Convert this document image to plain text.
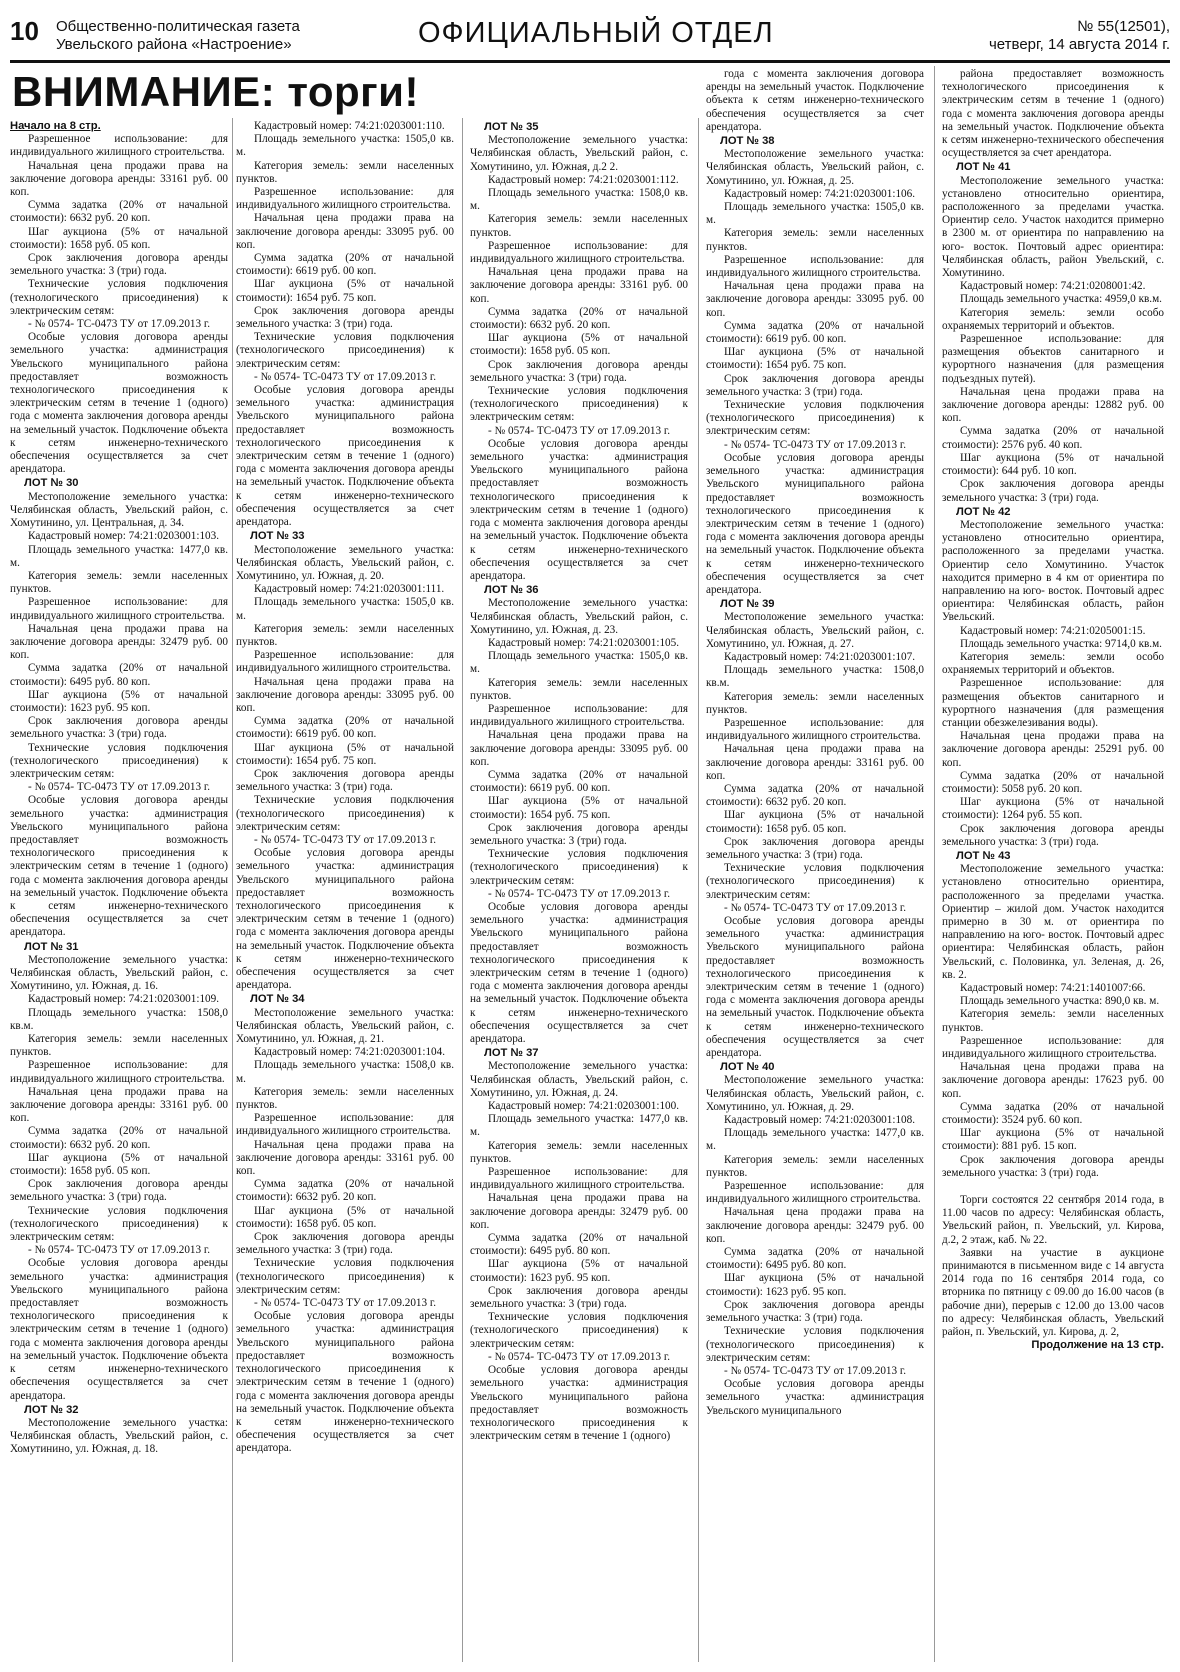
10 Общественно-политическая газета
Увельского района «Настроение»	ОФИЦИАЛЬНЫЙ ОТДЕЛ	№ 55(12501),
четверг, 14 августа 2014 г.
ВНИМАНИЕ: торги!

Начало на 8 стр.

Разрешенное использование: для индивидуального жилищного строительства.

Начальная цена продажи права на заключение договора аренды: 33161 руб. 00 коп.

Сумма задатка (20% от начальной стоимости): 6632 руб. 20 коп.

Шаг аукциона (5% от начальной стоимости): 1658 руб. 05 коп.

Срок заключения договора аренды земельного участка: 3 (три) года.

Технические условия подключения (технологического присоединения) к электрическим сетям:

- № 0574- ТС-0473 ТУ от 17.09.2013 г.

Особые условия договора аренды земельного участка: администрация Увельского муниципального района предоставляет возможность технологического присоединения к электрическим сетям в течение 1 (одного) года с момента заключения договора аренды на земельный участок. Подключение объекта к сетям инженерно-технического обеспечения осуществляется за счет арендатора.

ЛОТ № 30

Местоположение земельного участка: Челябинская область, Увельский район, с. Хомутинино, ул. Центральная, д. 34.

Кадастровый номер: 74:21:0203001:103.

Площадь земельного участка: 1477,0 кв. м.

Категория земель: земли населенных пунктов.

Разрешенное использование: для индивидуального жилищного строительства.

Начальная цена продажи права на заключение договора аренды: 32479 руб. 00 коп.

Сумма задатка (20% от начальной стоимости): 6495 руб. 80 коп.

Шаг аукциона (5% от начальной стоимости): 1623 руб. 95 коп.

Срок заключения договора аренды земельного участка: 3 (три) года.

Технические условия подключения (технологического присоединения) к электрическим сетям:

- № 0574- ТС-0473 ТУ от 17.09.2013 г.

Особые условия договора аренды земельного участка: администрация Увельского муниципального района предоставляет возможность технологического присоединения к электрическим сетям в течение 1 (одного) года с момента заключения договора аренды на земельный участок. Подключение объекта к сетям инженерно-технического обеспечения осуществляется за счет арендатора.

ЛОТ № 31

Местоположение земельного участка: Челябинская область, Увельский район, с. Хомутинино, ул. Южная, д. 16.

Кадастровый номер: 74:21:0203001:109.

Площадь земельного участка: 1508,0 кв.м.

Категория земель: земли населенных пунктов.

Разрешенное использование: для индивидуального жилищного строительства.

Начальная цена продажи права на заключение договора аренды: 33161 руб. 00 коп.

Сумма задатка (20% от начальной стоимости): 6632 руб. 20 коп.

Шаг аукциона (5% от начальной стоимости): 1658 руб. 05 коп.

Срок заключения договора аренды земельного участка: 3 (три) года.

Технические условия подключения (технологического присоединения) к электрическим сетям:

- № 0574- ТС-0473 ТУ от 17.09.2013 г.

Особые условия договора аренды земельного участка: администрация Увельского муниципального района предоставляет возможность технологического присоединения к электрическим сетям в течение 1 (одного) года с момента заключения договора аренды на земельный участок. Подключение объекта к сетям инженерно-технического обеспечения осуществляется за счет арендатора.

ЛОТ № 32

Местоположение земельного участка: Челябинская область, Увельский район, с. Хомутинино, ул. Южная, д. 18.

Кадастровый номер: 74:21:0203001:110.

Площадь земельного участка: 1505,0 кв. м.

Категория земель: земли населенных пунктов.

Разрешенное использование: для индивидуального жилищного строительства.

Начальная цена продажи права на заключение договора аренды: 33095 руб. 00 коп.

Сумма задатка (20% от начальной стоимости): 6619 руб. 00 коп.

Шаг аукциона (5% от начальной стоимости): 1654 руб. 75 коп.

Срок заключения договора аренды земельного участка: 3 (три) года.

Технические условия подключения (технологического присоединения) к электрическим сетям:

- № 0574- ТС-0473 ТУ от 17.09.2013 г.

Особые условия договора аренды земельного участка: администрация Увельского муниципального района предоставляет возможность технологического присоединения к электрическим сетям в течение 1 (одного) года с момента заключения договора аренды на земельный участок. Подключение объекта к сетям инженерно-технического обеспечения осуществляется за счет арендатора.

ЛОТ № 33

Местоположение земельного участка: Челябинская область, Увельский район, с. Хомутинино, ул. Южная, д. 20.

Кадастровый номер: 74:21:0203001:111.

Площадь земельного участка: 1505,0 кв. м.

Категория земель: земли населенных пунктов.

Разрешенное использование: для индивидуального жилищного строительства.

Начальная цена продажи права на заключение договора аренды: 33095 руб. 00 коп.

Сумма задатка (20% от начальной стоимости): 6619 руб. 00 коп.

Шаг аукциона (5% от начальной стоимости): 1654 руб. 75 коп.

Срок заключения договора аренды земельного участка: 3 (три) года.

Технические условия подключения (технологического присоединения) к электрическим сетям:

- № 0574- ТС-0473 ТУ от 17.09.2013 г.

Особые условия договора аренды земельного участка: администрация Увельского муниципального района предоставляет возможность технологического присоединения к электрическим сетям в течение 1 (одного) года с момента заключения договора аренды на земельный участок. Подключение объекта к сетям инженерно-технического обеспечения осуществляется за счет арендатора.

ЛОТ № 34

Местоположение земельного участка: Челябинская область, Увельский район, с. Хомутинино, ул. Южная, д. 21.

Кадастровый номер: 74:21:0203001:104.

Площадь земельного участка: 1508,0 кв. м.

Категория земель: земли населенных пунктов.

Разрешенное использование: для индивидуального жилищного строительства.

Начальная цена продажи права на заключение договора аренды: 33161 руб. 00 коп.

Сумма задатка (20% от начальной стоимости): 6632 руб. 20 коп.

Шаг аукциона (5% от начальной стоимости): 1658 руб. 05 коп.

Срок заключения договора аренды земельного участка: 3 (три) года.

Технические условия подключения (технологического присоединения) к электрическим сетям:

- № 0574- ТС-0473 ТУ от 17.09.2013 г.

Особые условия договора аренды земельного участка: администрация Увельского муниципального района предоставляет возможность технологического присоединения к электрическим сетям в течение 1 (одного) года с момента заключения договора аренды на земельный участок. Подключение объекта к сетям инженерно-технического обеспечения осуществляется за счет арендатора.

ЛОТ № 35

Местоположение земельного участка: Челябинская область, Увельский район, с. Хомутинино, ул. Южная, д.2 2.

Кадастровый номер: 74:21:0203001:112.

Площадь земельного участка: 1508,0 кв. м.

Категория земель: земли населенных пунктов.

Разрешенное использование: для индивидуального жилищного строительства.

Начальная цена продажи права на заключение договора аренды: 33161 руб. 00 коп.

Сумма задатка (20% от начальной стоимости): 6632 руб. 20 коп.

Шаг аукциона (5% от начальной стоимости): 1658 руб. 05 коп.

Срок заключения договора аренды земельного участка: 3 (три) года.

Технические условия подключения (технологического присоединения) к электрическим сетям:

- № 0574- ТС-0473 ТУ от 17.09.2013 г.

Особые условия договора аренды земельного участка: администрация Увельского муниципального района предоставляет возможность технологического присоединения к электрическим сетям в течение 1 (одного) года с момента заключения договора аренды на земельный участок. Подключение объекта к сетям инженерно-технического обеспечения осуществляется за счет арендатора.

ЛОТ № 36

Местоположение земельного участка: Челябинская область, Увельский район, с. Хомутинино, ул. Южная, д. 23.

Кадастровый номер: 74:21:0203001:105.

Площадь земельного участка: 1505,0 кв. м.

Категория земель: земли населенных пунктов.

Разрешенное использование: для индивидуального жилищного строительства.

Начальная цена продажи права на заключение договора аренды: 33095 руб. 00 коп.

Сумма задатка (20% от начальной стоимости): 6619 руб. 00 коп.

Шаг аукциона (5% от начальной стоимости): 1654 руб. 75 коп.

Срок заключения договора аренды земельного участка: 3 (три) года.

Технические условия подключения (технологического присоединения) к электрическим сетям:

- № 0574- ТС-0473 ТУ от 17.09.2013 г.

Особые условия договора аренды земельного участка: администрация Увельского муниципального района предоставляет возможность технологического присоединения к электрическим сетям в течение 1 (одного) года с момента заключения договора аренды на земельный участок. Подключение объекта к сетям инженерно-технического обеспечения осуществляется за счет арендатора.

ЛОТ № 37

Местоположение земельного участка: Челябинская область, Увельский район, с. Хомутинино, ул. Южная, д. 24.

Кадастровый номер: 74:21:0203001:100.

Площадь земельного участка: 1477,0 кв. м.

Категория земель: земли населенных пунктов.

Разрешенное использование: для индивидуального жилищного строительства.

Начальная цена продажи права на заключение договора аренды: 32479 руб. 00 коп.

Сумма задатка (20% от начальной стоимости): 6495 руб. 80 коп.

Шаг аукциона (5% от начальной стоимости): 1623 руб. 95 коп.

Срок заключения договора аренды земельного участка: 3 (три) года.

Технические условия подключения (технологического присоединения) к электрическим сетям:

- № 0574- ТС-0473 ТУ от 17.09.2013 г.

Особые условия договора аренды земельного участка: администрация Увельского муниципального района предоставляет возможность технологического присоединения к электрическим сетям в течение 1 (одного)

года с момента заключения договора аренды на земельный участок. Подключение объекта к сетям инженерно-технического обеспечения осуществляется за счет арендатора.

ЛОТ № 38

Местоположение земельного участка: Челябинская область, Увельский район, с. Хомутинино, ул. Южная, д. 25.

Кадастровый номер: 74:21:0203001:106.

Площадь земельного участка: 1505,0 кв. м.

Категория земель: земли населенных пунктов.

Разрешенное использование: для индивидуального жилищного строительства.

Начальная цена продажи права на заключение договора аренды: 33095 руб. 00 коп.

Сумма задатка (20% от начальной стоимости): 6619 руб. 00 коп.

Шаг аукциона (5% от начальной стоимости): 1654 руб. 75 коп.

Срок заключения договора аренды земельного участка: 3 (три) года.

Технические условия подключения (технологического присоединения) к электрическим сетям:

- № 0574- ТС-0473 ТУ от 17.09.2013 г.

Особые условия договора аренды земельного участка: администрация Увельского муниципального района предоставляет возможность технологического присоединения к электрическим сетям в течение 1 (одного) года с момента заключения договора аренды на земельный участок. Подключение объекта к сетям инженерно-технического обеспечения осуществляется за счет арендатора.

ЛОТ № 39

Местоположение земельного участка: Челябинская область, Увельский район, с. Хомутинино, ул. Южная, д. 27.

Кадастровый номер: 74:21:0203001:107.

Площадь земельного участка: 1508,0 кв.м.

Категория земель: земли населенных пунктов.

Разрешенное использование: для индивидуального жилищного строительства.

Начальная цена продажи права на заключение договора аренды: 33161 руб. 00 коп.

Сумма задатка (20% от начальной стоимости): 6632 руб. 20 коп.

Шаг аукциона (5% от начальной стоимости): 1658 руб. 05 коп.

Срок заключения договора аренды земельного участка: 3 (три) года.

Технические условия подключения (технологического присоединения) к электрическим сетям:

- № 0574- ТС-0473 ТУ от 17.09.2013 г.

Особые условия договора аренды земельного участка: администрация Увельского муниципального района предоставляет возможность технологического присоединения к электрическим сетям в течение 1 (одного) года с момента заключения договора аренды на земельный участок. Подключение объекта к сетям инженерно-технического обеспечения осуществляется за счет арендатора.

ЛОТ № 40

Местоположение земельного участка: Челябинская область, Увельский район, с. Хомутинино, ул. Южная, д. 29.

Кадастровый номер: 74:21:0203001:108.

Площадь земельного участка: 1477,0 кв. м.

Категория земель: земли населенных пунктов.

Разрешенное использование: для индивидуального жилищного строительства.

Начальная цена продажи права на заключение договора аренды: 32479 руб. 00 коп.

Сумма задатка (20% от начальной стоимости): 6495 руб. 80 коп.

Шаг аукциона (5% от начальной стоимости): 1623 руб. 95 коп.

Срок заключения договора аренды земельного участка: 3 (три) года.

Технические условия подключения (технологического присоединения) к электрическим сетям:

- № 0574- ТС-0473 ТУ от 17.09.2013 г.

Особые условия договора аренды земельного участка: администрация Увельского муниципального

района предоставляет возможность технологического присоединения к электрическим сетям в течение 1 (одного) года с момента заключения договора аренды на земельный участок. Подключение объекта к сетям инженерно-технического обеспечения осуществляется за счет арендатора.

ЛОТ № 41

Местоположение земельного участка: установлено относительно ориентира, расположенного за пределами участка. Ориентир село. Участок находится примерно в 2300 м. от ориентира по направлению на юго- восток. Почтовый адрес ориентира: Челябинская область, район Увельский, с. Хомутинино.

Кадастровый номер: 74:21:0208001:42.

Площадь земельного участка: 4959,0 кв.м.

Категория земель: земли особо охраняемых территорий и объектов.

Разрешенное использование: для размещения объектов санитарного и курортного назначения (для размещения подъездных путей).

Начальная цена продажи права на заключение договора аренды: 12882 руб. 00 коп.

Сумма задатка (20% от начальной стоимости): 2576 руб. 40 коп.

Шаг аукциона (5% от начальной стоимости): 644 руб. 10 коп.

Срок заключения договора аренды земельного участка: 3 (три) года.

ЛОТ № 42

Местоположение земельного участка: установлено относительно ориентира, расположенного за пределами участка. Ориентир село Хомутинино. Участок находится примерно в 4 км от ориентира по направлению на юго- восток. Почтовый адрес ориентира: Челябинская область, район Увельский.

Кадастровый номер: 74:21:0205001:15.

Площадь земельного участка: 9714,0 кв.м.

Категория земель: земли особо охраняемых территорий и объектов.

Разрешенное использование: для размещения объектов санитарного и курортного назначения (для размещения станции обезжелезивания воды).

Начальная цена продажи права на заключение договора аренды: 25291 руб. 00 коп.

Сумма задатка (20% от начальной стоимости): 5058 руб. 20 коп.

Шаг аукциона (5% от начальной стоимости): 1264 руб. 55 коп.

Срок заключения договора аренды земельного участка: 3 (три) года.

ЛОТ № 43

Местоположение земельного участка: установлено относительно ориентира, расположенного за пределами участка. Ориентир – жилой дом. Участок находится примерно в 30 м. от ориентира по направлению на юго- восток. Почтовый адрес ориентира: Челябинская область, район Увельский, с. Половинка, ул. Зеленая, д. 26, кв. 2.

Кадастровый номер: 74:21:1401007:66.

Площадь земельного участка: 890,0 кв. м.

Категория земель: земли населенных пунктов.

Разрешенное использование: для индивидуального жилищного строительства.

Начальная цена продажи права на заключение договора аренды: 17623 руб. 00 коп.

Сумма задатка (20% от начальной стоимости): 3524 руб. 60 коп.

Шаг аукциона (5% от начальной стоимости): 881 руб. 15 коп.

Срок заключения договора аренды земельного участка: 3 (три) года.

Торги состоятся 22 сентября 2014 года, в 11.00 часов по адресу: Челябинская область, Увельский район, п. Увельский, ул. Кирова, д.2, 2 этаж, каб. № 22.

Заявки на участие в аукционе принимаются в письменном виде с 14 августа 2014 года по 16 сентября 2014 года, со вторника по пятницу с 09.00 до 16.00 часов (в рабочие дни), перерыв с 12.00 до 13.00 часов по адресу: Челябинская область, Увельский район, п. Увельский, ул. Кирова, д. 2,

Продолжение на 13 стр.
